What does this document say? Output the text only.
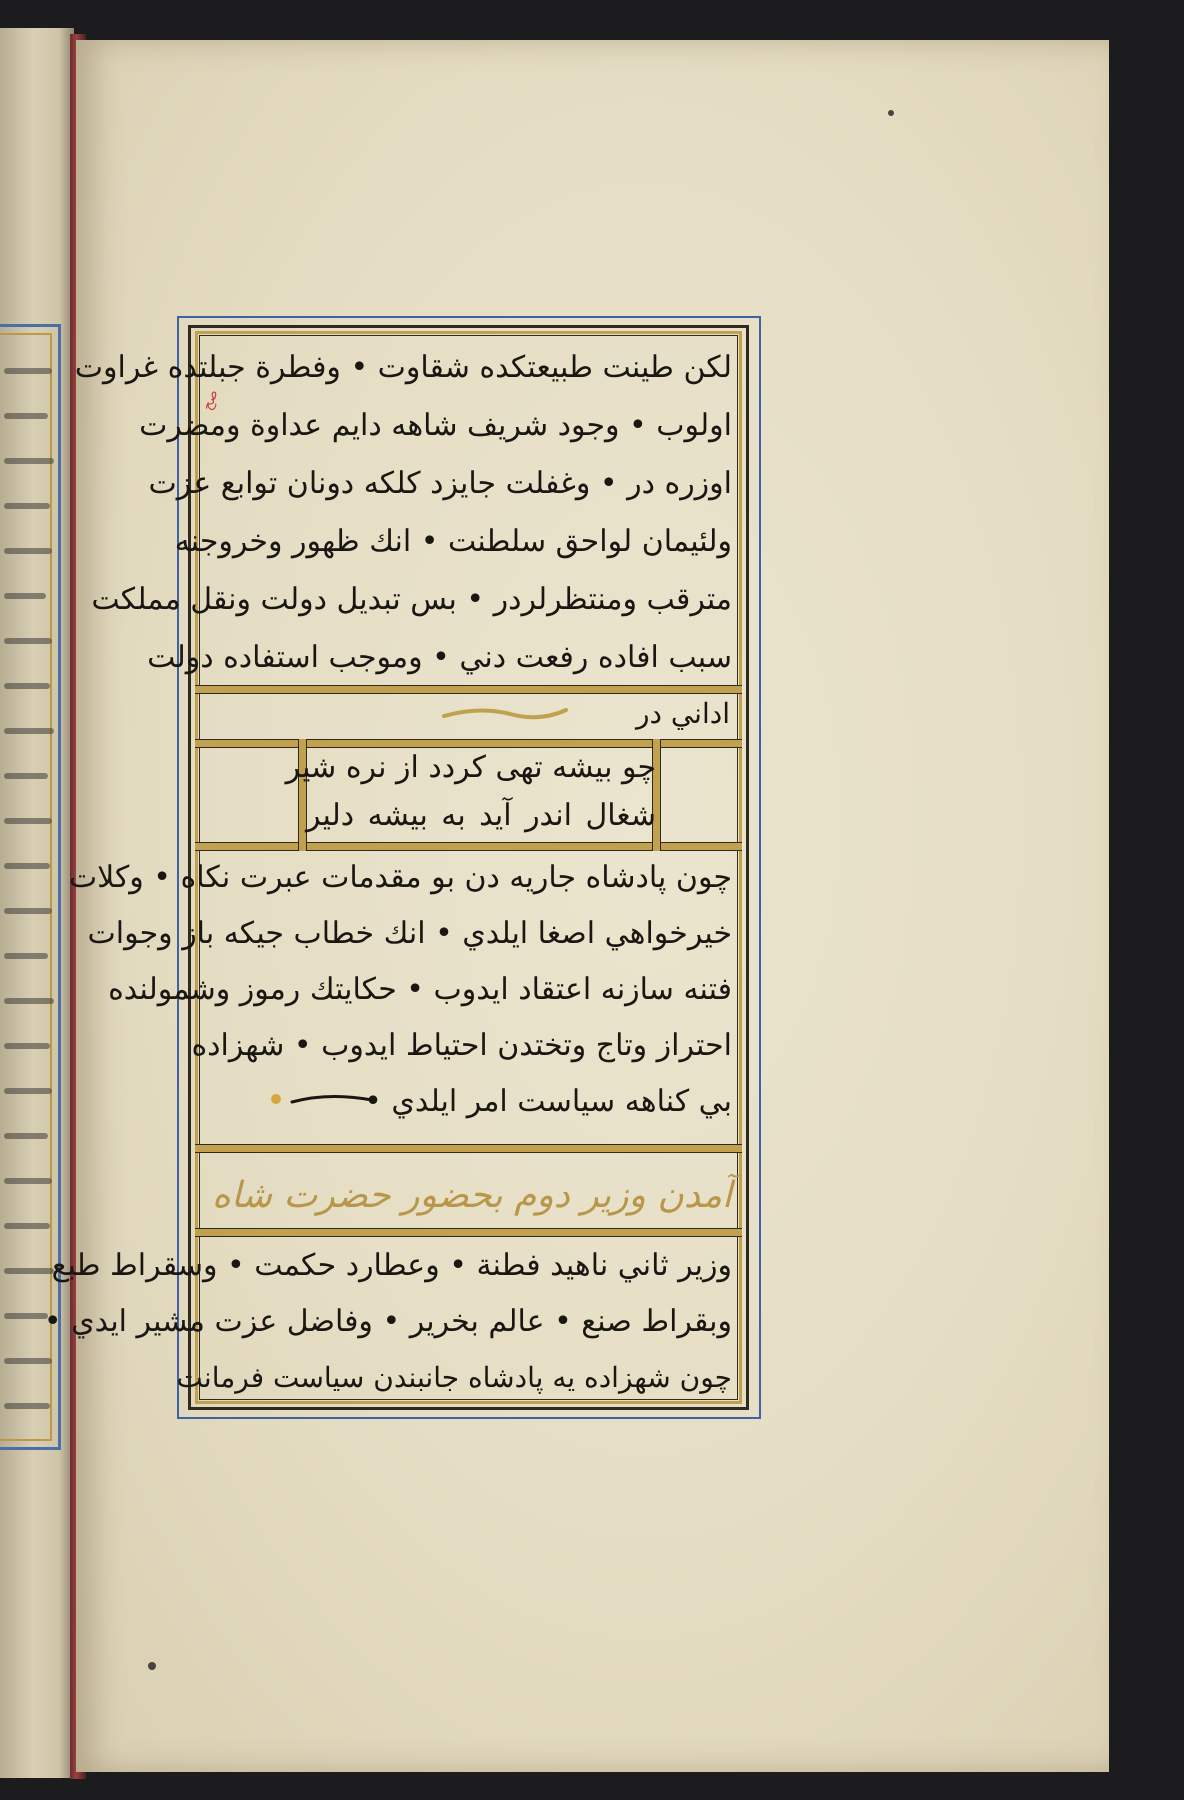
لكن طينت طبيعتكده شقاوت • وفطرة جبلتده غراوت
اولوب • وجود شريف شاهه دايم عداوة ومضرت
اوزره در • وغفلت جايزد كلكه دونان توابع عزت
ولئيمان لواحق سلطنت • انك ظهور وخروجنه
مترقب ومنتظرلردر • بس تبديل دولت ونقل مملكت
سبب افاده رفعت دني • وموجب استفاده دولت
اداني در
صح
چو بيشه تهى كردد از نره شير
شغال اندر آيد به بيشه دلير
چون پادشاه جاريه دن بو مقدمات عبرت نكاه • وكلات
خيرخواهي اصغا ايلدي • انك خطاب جيكه باز وجوات
فتنه سازنه اعتقاد ايدوب • حكايتك رموز وشمولنده
احتراز وتاج وتختدن احتياط ايدوب • شهزاده
بي كناهه سياست امر ايلدي •
آمدن وزير دوم بحضور حضرت شاه
وزير ثاني ناهيد فطنة • وعطارد حكمت • وسقراط طبع
وبقراط صنع • عالم بخرير • وفاضل عزت مشير ايدي •
چون شهزاده يه پادشاه جانبندن سياست فرمانت
